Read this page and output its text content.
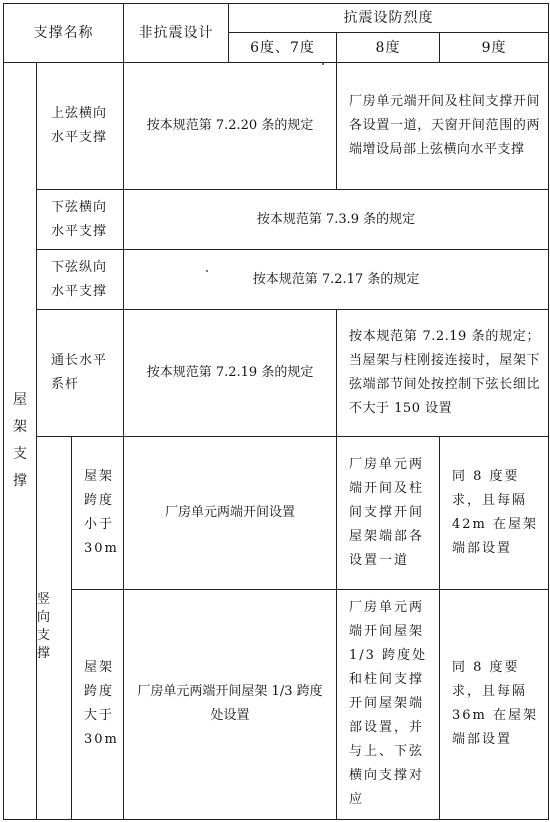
支撑名称			非抗震设计	抗震设防烈度		
				6度、7度	8度	9度
屋架支撑	上弦横向水平支撑		按本规范第 7.2.20 条的规定		厂房单元端开间及柱间支撑开间各设置一道，天窗开间范围的两端增设局部上弦横向水平支撑	
	下弦横向水平支撑		按本规范第 7.3.9 条的规定			
	下弦纵向水平支撑		按本规范第 7.2.17 条的规定			
	通长水平系杆		按本规范第 7.2.19 条的规定		按本规范第 7.2.19 条的规定；当屋架与柱刚接连接时，屋架下弦端部节间处按控制下弦长细比不大于 150 设置	
	竖向支撑	屋架跨度小于30m	厂房单元两端开间设置		厂房单元两端开间及柱间支撑开间屋架端部各设置一道	同 8 度要求，且每隔 42m 在屋架端部设置
		屋架跨度大于30m	厂房单元两端开间屋架 1/3 跨度处设置		厂房单元两端开间屋架 1/3 跨度处和柱间支撑开间屋架端部设置，并与上、下弦横向支撑对应	同 8 度要求，且每隔 36m 在屋架端部设置
